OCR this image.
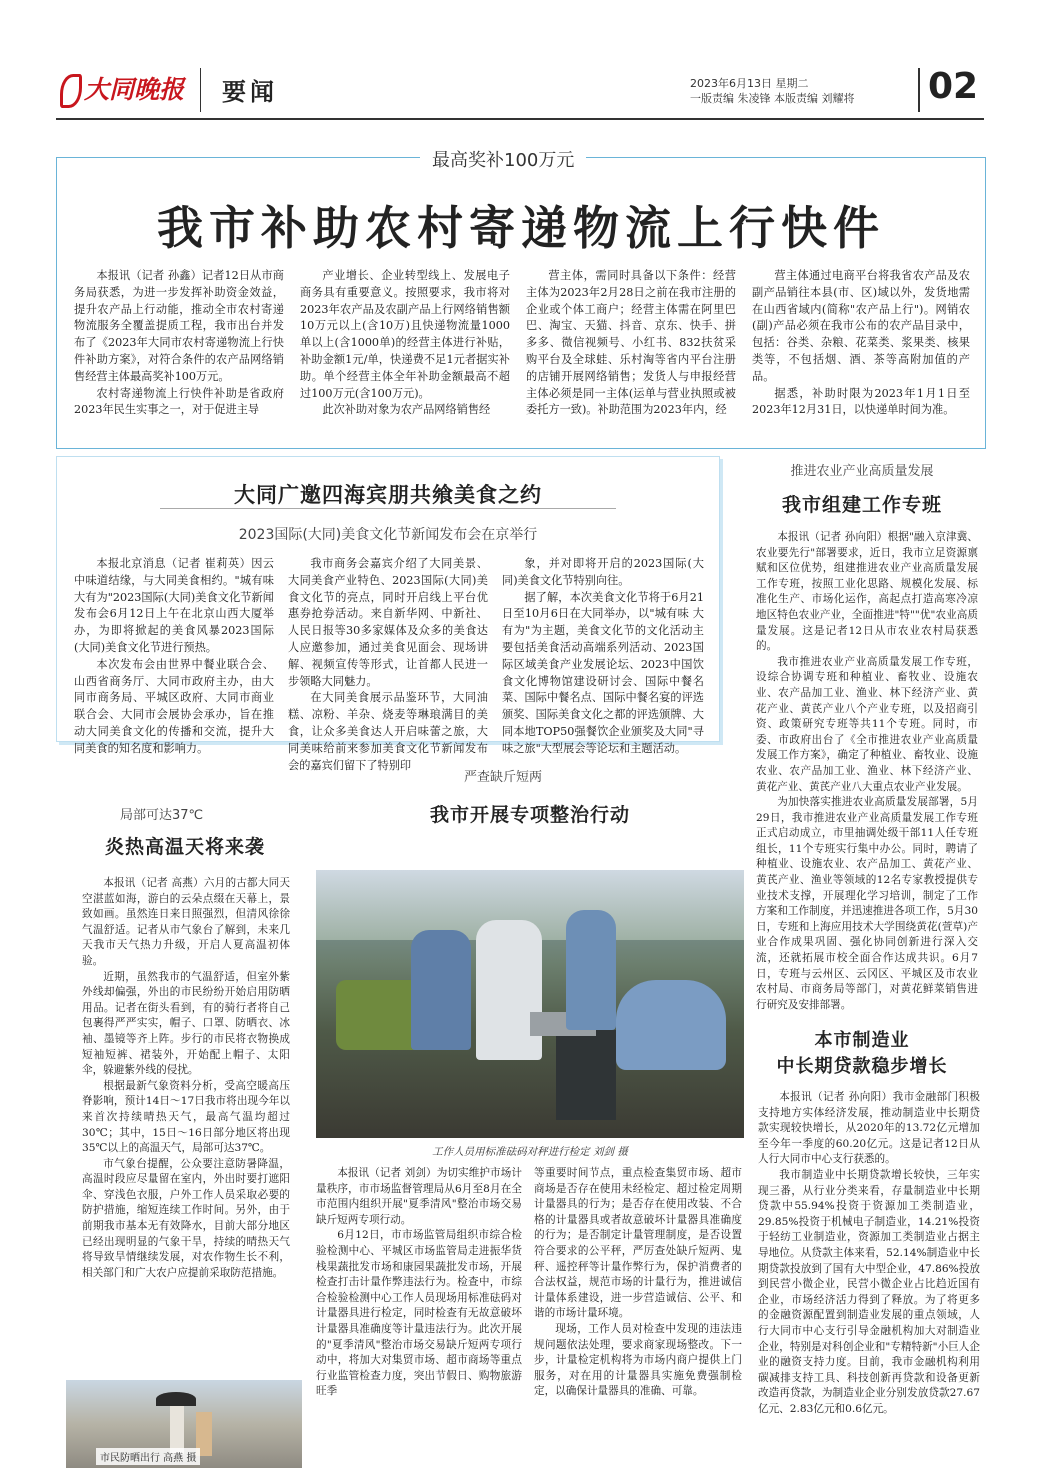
大同晚报	要闻	2023年6月13日 星期二
一版责编 朱凌锋 本版责编 刘耀将 02
最高奖补100万元
我市补助农村寄递物流上行快件

本报讯（记者 孙鑫）记者12日从市商务局获悉，为进一步发挥补助资金效益，提升农产品上行动能，推动全市农村寄递物流服务全覆盖提质工程，我市出台并发布了《2023年大同市农村寄递物流上行快件补助方案》，对符合条件的农产品网络销售经营主体最高奖补100万元。

农村寄递物流上行快件补助是省政府2023年民生实事之一，对于促进主导

产业增长、企业转型线上、发展电子商务具有重要意义。按照要求，我市将对2023年农产品及农副产品上行网络销售额10万元以上(含10万)且快递物流量1000单以上(含1000单)的经营主体进行补贴，补助金额1元/单，快递费不足1元者据实补助。单个经营主体全年补助金额最高不超过100万元(含100万元)。

此次补助对象为农产品网络销售经

营主体，需同时具备以下条件：经营主体为2023年2月28日之前在我市注册的企业或个体工商户；经营主体需在阿里巴巴、淘宝、天猫、抖音、京东、快手、拼多多、微信视频号、小红书、832扶贫采购平台及全球蛙、乐村淘等省内平台注册的店铺开展网络销售；发货人与申报经营主体必须是同一主体(运单与营业执照或被委托方一致)。补助范围为2023年内，经

营主体通过电商平台将我省农产品及农副产品销往本县(市、区)域以外，发货地需在山西省域内(简称"农产品上行")。网销农(副)产品必须在我市公布的农产品目录中，包括：谷类、杂粮、花菜类、浆果类、核果类等，不包括烟、酒、茶等高附加值的产品。

据悉，补助时限为2023年1月1日至2023年12月31日，以快递单时间为准。

大同广邀四海宾朋共飨美食之约
2023国际(大同)美食文化节新闻发布会在京举行

本报北京消息（记者 崔莉英）因云中味道结缘，与大同美食相约。"城有味 大有为"2023国际(大同)美食文化节新闻发布会6月12日上午在北京山西大厦举办，为即将掀起的美食风暴2023国际(大同)美食文化节进行预热。

本次发布会由世界中餐业联合会、山西省商务厅、大同市政府主办，由大同市商务局、平城区政府、大同市商业联合会、大同市会展协会承办，旨在推动大同美食文化的传播和交流，提升大同美食的知名度和影响力。

我市商务会嘉宾介绍了大同美景、大同美食产业特色、2023国际(大同)美食文化节的亮点，同时开启线上平台优惠券抢券活动。来自新华网、中新社、人民日报等30多家媒体及众多的美食达人应邀参加，通过美食见面会、现场讲解、视频宣传等形式，让首都人民进一步领略大同魅力。

在大同美食展示品鉴环节，大同油糕、凉粉、羊杂、烧麦等琳琅满目的美食，让众多美食达人开启味蕾之旅，大同美味给前来参加美食文化节新闻发布会的嘉宾们留下了特别印

象，并对即将开启的2023国际(大同)美食文化节特别向往。

据了解，本次美食文化节将于6月21日至10月6日在大同举办，以"城有味 大有为"为主题，美食文化节的文化活动主要包括美食活动高端系列活动、2023国际区域美食产业发展论坛、2023中国饮食文化博物馆建设研讨会、国际中餐名菜、国际中餐名点、国际中餐名宴的评选颁奖、国际美食文化之都的评选颁牌、大同本地TOP50强餐饮企业颁奖及大同"寻味之旅"大型展会等论坛和主题活动。

推进农业产业高质量发展
我市组建工作专班

本报讯（记者 孙向阳）根据"融入京津冀、农业要先行"部署要求，近日，我市立足资源禀赋和区位优势，组建推进农业产业高质量发展工作专班，按照工业化思路、规模化发展、标准化生产、市场化运作，高起点打造高寒冷凉地区特色农业产业，全面推进"特""优"农业高质量发展。这是记者12日从市农业农村局获悉的。

我市推进农业产业高质量发展工作专班，设综合协调专班和种植业、畜牧业、设施农业、农产品加工业、渔业、林下经济产业、黄花产业、黄芪产业八个产业专班，以及招商引资、政策研究专班等共11个专班。同时，市委、市政府出台了《全市推进农业产业高质量发展工作方案》，确定了种植业、畜牧业、设施农业、农产品加工业、渔业、林下经济产业、黄花产业、黄芪产业八大重点农业产业发展。

为加快落实推进农业高质量发展部署，5月29日，我市推进农业产业高质量发展工作专班正式启动成立，市里抽调处级干部11人任专班组长，11个专班实行集中办公。同时，聘请了种植业、设施农业、农产品加工、黄花产业、黄芪产业、渔业等领域的12名专家教授提供专业技术支撑，开展理化学习培训，制定了工作方案和工作制度，并迅速推进各项工作，5月30日，专班和上海应用技术大学围绕黄花(萱草)产业合作成果巩固、强化协同创新进行深入交流，还就拓展市校全面合作达成共识。6月7日，专班与云州区、云冈区、平城区及市农业农村局、市商务局等部门，对黄花鲜菜销售进行研究及安排部署。

局部可达37℃
炎热高温天将来袭

本报讯（记者 高燕）六月的古都大同天空湛蓝如海，游白的云朵点缀在天幕上，景致如画。虽然连日来日照强烈，但清风徐徐气温舒适。记者从市气象台了解到，未来几天我市天气热力升级，开启人夏高温初体验。

近期，虽然我市的气温舒适，但室外紫外线却偏强，外出的市民纷纷开始启用防晒用品。记者在街头看到，有的骑行者将自己包裹得严严实实，帽子、口罩、防晒衣、冰袖、墨镜等齐上阵。步行的市民将衣物换成短袖短裤、裙装外，开始配上帽子、太阳伞，躲避紫外线的侵扰。

根据最新气象资料分析，受高空暖高压脊影响，预计14日～17日我市将出现今年以来首次持续晴热天气，最高气温均超过30℃；其中，15日～16日部分地区将出现35℃以上的高温天气，局部可达37℃。

市气象台提醒，公众要注意防暑降温，高温时段应尽量留在室内，外出时要打遮阳伞、穿浅色衣服，户外工作人员采取必要的防护措施，缩短连续工作时间。另外，由于前期我市基本无有效降水，目前大部分地区已经出现明显的气象干旱，持续的晴热天气将导致旱情继续发展，对农作物生长不利，相关部门和广大农户应提前采取防范措施。

市民防晒出行 高燕 摄
严查缺斤短两
我市开展专项整治行动
工作人员用标准砝码对秤进行检定 刘剑 摄

本报讯（记者 刘剑）为切实维护市场计量秩序，市市场监督管理局从6月至8月在全市范围内组织开展"夏季清风"整治市场交易缺斤短两专项行动。

6月12日，市市场监管局组织市综合检验检测中心、平城区市场监管局走进振华货栈果蔬批发市场和康园果蔬批发市场，开展检查打击计量作弊违法行为。检查中，市综合检验检测中心工作人员现场用标准砝码对计量器具进行检定，同时检查有无故意破坏计量器具准确度等计量违法行为。此次开展的"夏季清风"整治市场交易缺斤短两专项行动中，将加大对集贸市场、超市商场等重点行业监管检查力度，突出节假日、购物旅游旺季

等重要时间节点，重点检查集贸市场、超市商场是否存在使用未经检定、超过检定周期计量器具的行为；是否存在使用改装、不合格的计量器具或者故意破坏计量器具准确度的行为；是否制定计量管理制度，是否设置符合要求的公平秤，严厉查处缺斤短两、鬼秤、遥控秤等计量作弊行为，保护消费者的合法权益，规范市场的计量行为，推进诚信计量体系建设，进一步营造诚信、公平、和谐的市场计量环境。

现场，工作人员对检查中发现的违法违规问题依法处理，要求商家现场整改。下一步，计量检定机构将为市场内商户提供上门服务，对在用的计量器具实施免费强制检定，以确保计量器具的准确、可靠。

本市制造业
中长期贷款稳步增长

本报讯（记者 孙向阳）我市金融部门积极支持地方实体经济发展，推动制造业中长期贷款实现较快增长，从2020年的13.72亿元增加至今年一季度的60.20亿元。这是记者12日从人行大同市中心支行获悉的。

我市制造业中长期贷款增长较快，三年实现三番，从行业分类来看，存量制造业中长期贷款中55.94%投资于资源加工类制造业，29.85%投资于机械电子制造业，14.21%投资于轻纺工业制造业，资源加工类制造业占据主导地位。从贷款主体来看，52.14%制造业中长期贷款投放到了国有大中型企业，47.86%投放到民营小微企业，民营小微企业占比趋近国有企业，市场经济活力得到了释放。为了将更多的金融资源配置到制造业发展的重点领域，人行大同市中心支行引导金融机构加大对制造业企业，特别是对科创企业和"专精特新"小巨人企业的融资支持力度。目前，我市金融机构利用碳减排支持工具、科技创新再贷款和设备更新改造再贷款，为制造业企业分别发放贷款27.67亿元、2.83亿元和0.6亿元。
